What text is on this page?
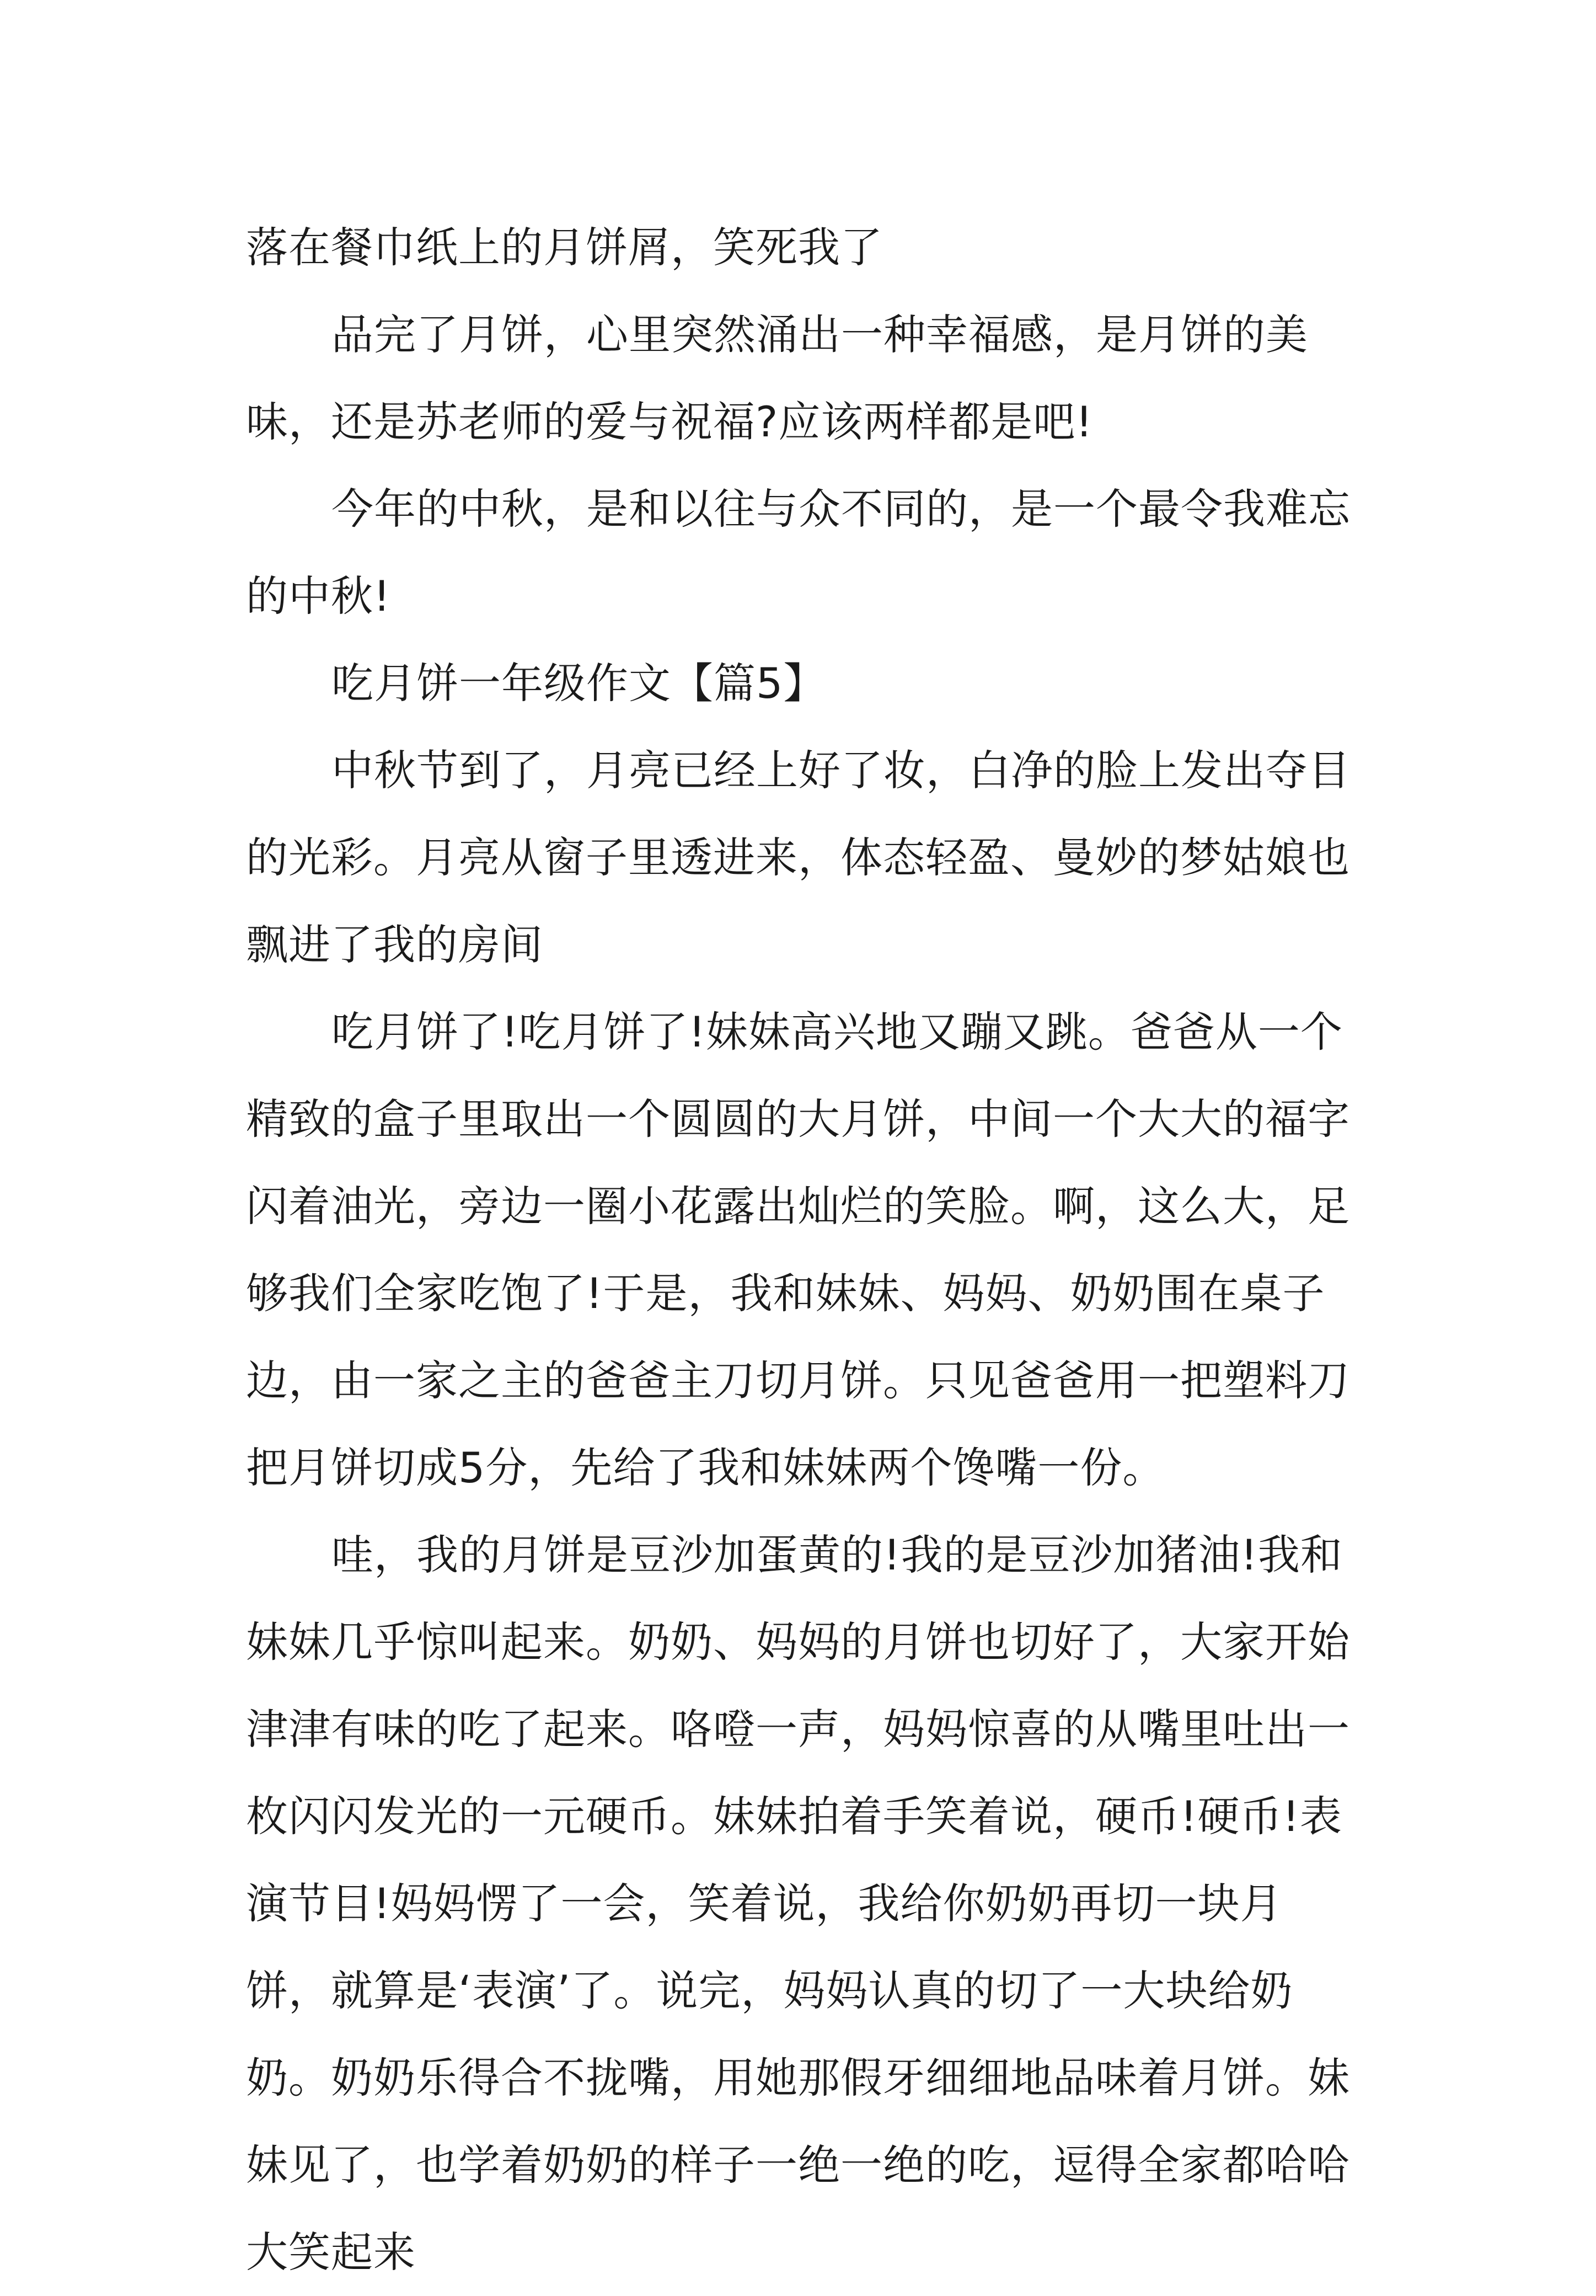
落在餐巾纸上的月饼屑，笑死我了

品完了月饼，心里突然涌出一种幸福感，是月饼的美味，还是苏老师的爱与祝福?应该两样都是吧!

今年的中秋，是和以往与众不同的，是一个最令我难忘的中秋!

吃月饼一年级作文【篇5】

中秋节到了，月亮已经上好了妆，白净的脸上发出夺目的光彩。月亮从窗子里透进来，体态轻盈、曼妙的梦姑娘也飘进了我的房间

吃月饼了!吃月饼了!妹妹高兴地又蹦又跳。爸爸从一个精致的盒子里取出一个圆圆的大月饼，中间一个大大的福字闪着油光，旁边一圈小花露出灿烂的笑脸。啊，这么大，足够我们全家吃饱了!于是，我和妹妹、妈妈、奶奶围在桌子边，由一家之主的爸爸主刀切月饼。只见爸爸用一把塑料刀把月饼切成5分，先给了我和妹妹两个馋嘴一份。

哇，我的月饼是豆沙加蛋黄的!我的是豆沙加猪油!我和妹妹几乎惊叫起来。奶奶、妈妈的月饼也切好了，大家开始津津有味的吃了起来。咯噔一声，妈妈惊喜的从嘴里吐出一枚闪闪发光的一元硬币。妹妹拍着手笑着说，硬币!硬币!表演节目!妈妈愣了一会，笑着说，我给你奶奶再切一块月饼，就算是‘表演’了。说完，妈妈认真的切了一大块给奶奶。奶奶乐得合不拢嘴，用她那假牙细细地品味着月饼。妹妹见了，也学着奶奶的样子一绝一绝的吃，逗得全家都哈哈大笑起来
